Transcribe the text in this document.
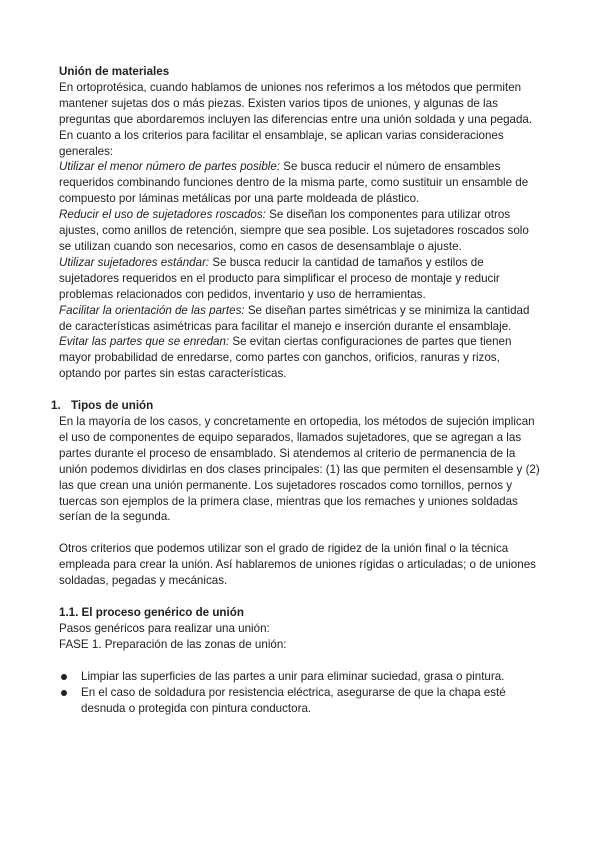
Unión de materiales

En ortoprotésica, cuando hablamos de uniones nos referimos a los métodos que permiten mantener sujetas dos o más piezas. Existen varios tipos de uniones, y algunas de las preguntas que abordaremos incluyen las diferencias entre una unión soldada y una pegada. En cuanto a los criterios para facilitar el ensamblaje, se aplican varias consideraciones generales:

Utilizar el menor número de partes posible: Se busca reducir el número de ensambles requeridos combinando funciones dentro de la misma parte, como sustituir un ensamble de compuesto por láminas metálicas por una parte moldeada de plástico.

Reducir el uso de sujetadores roscados: Se diseñan los componentes para utilizar otros ajustes, como anillos de retención, siempre que sea posible. Los sujetadores roscados solo se utilizan cuando son necesarios, como en casos de desensamblaje o ajuste.

Utilizar sujetadores estándar: Se busca reducir la cantidad de tamaños y estilos de sujetadores requeridos en el producto para simplificar el proceso de montaje y reducir problemas relacionados con pedidos, inventario y uso de herramientas.

Facilitar la orientación de las partes: Se diseñan partes simétricas y se minimiza la cantidad de características asimétricas para facilitar el manejo e inserción durante el ensamblaje.

Evitar las partes que se enredan: Se evitan ciertas configuraciones de partes que tienen mayor probabilidad de enredarse, como partes con ganchos, orificios, ranuras y rizos, optando por partes sin estas características.

1. Tipos de unión

En la mayoría de los casos, y concretamente en ortopedia, los métodos de sujeción implican el uso de componentes de equipo separados, llamados sujetadores, que se agregan a las partes durante el proceso de ensamblado. Si atendemos al criterio de permanencia de la unión podemos dividirlas en dos clases principales: (1) las que permiten el desensamble y (2) las que crean una unión permanente. Los sujetadores roscados como tornillos, pernos y tuercas son ejemplos de la primera clase, mientras que los remaches y uniones soldadas serían de la segunda.

Otros criterios que podemos utilizar son el grado de rigidez de la unión final o la técnica empleada para crear la unión. Así hablaremos de uniones rígidas o articuladas; o de uniones soldadas, pegadas y mecánicas.

1.1. El proceso genérico de unión

Pasos genéricos para realizar una unión:

FASE 1. Preparación de las zonas de unión:

Limpiar las superficies de las partes a unir para eliminar suciedad, grasa o pintura.
En el caso de soldadura por resistencia eléctrica, asegurarse de que la chapa esté desnuda o protegida con pintura conductora.
